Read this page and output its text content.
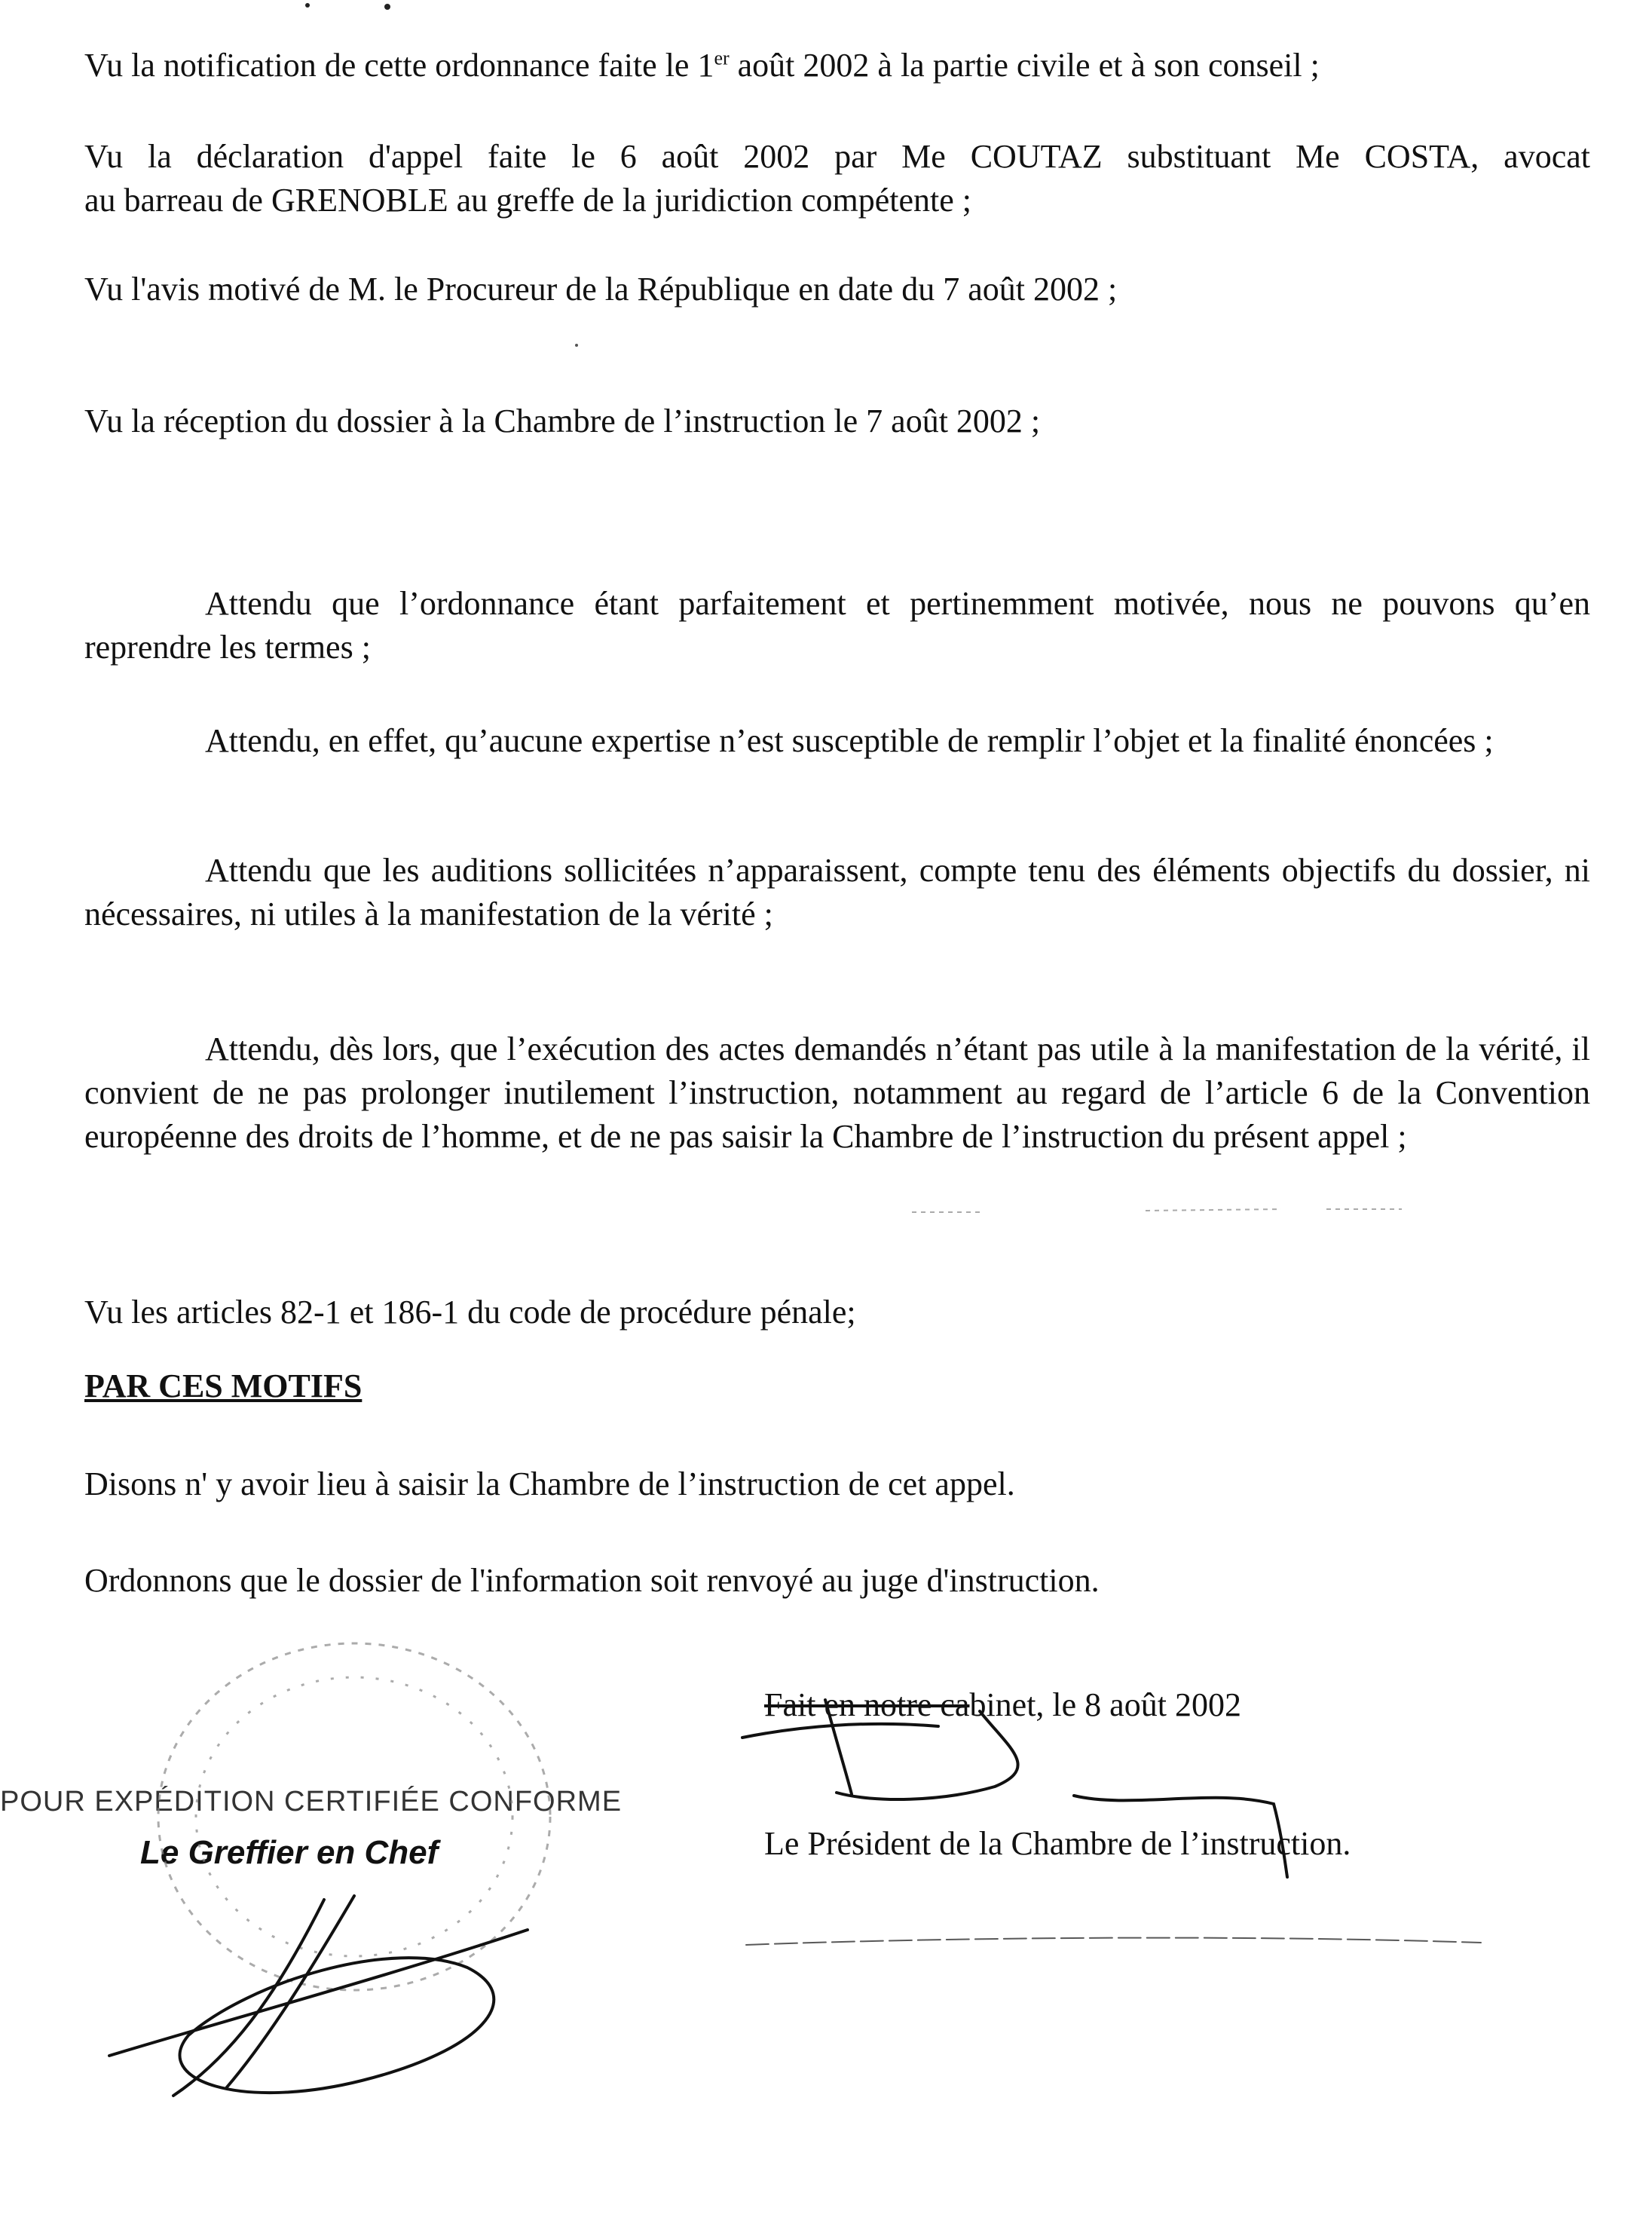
Vu la notification de cette ordonnance faite le 1er août 2002 à la partie civile et à son conseil ;

Vu la déclaration d'appel faite le 6 août 2002 par Me COUTAZ substituant Me COSTA, avocat
au barreau de GRENOBLE au greffe de la juridiction compétente ;

Vu l'avis motivé de M. le Procureur de la République en date du 7 août 2002 ;

Vu la réception du dossier à la Chambre de l’instruction le 7 août 2002 ;

Attendu que l’ordonnance étant parfaitement et pertinemment motivée, nous ne pouvons qu’en reprendre les termes ;

Attendu, en effet, qu’aucune expertise n’est susceptible de remplir l’objet et la finalité énoncées ;

Attendu que les auditions sollicitées n’apparaissent, compte tenu des éléments objectifs du dossier, ni nécessaires, ni utiles à la manifestation de la vérité ;

Attendu, dès lors, que l’exécution des actes demandés n’étant pas utile à la manifestation de la vérité, il convient de ne pas prolonger inutilement l’instruction, notamment au regard de l’article 6 de la Convention européenne des droits de l’homme, et de ne pas saisir la Chambre de l’instruction du présent appel ;

Vu les articles 82-1 et 186-1 du code de procédure pénale;

PAR CES MOTIFS

Disons n' y avoir lieu à saisir la Chambre de l’instruction de cet appel.

Ordonnons que le dossier de l'information soit renvoyé au juge d'instruction.

POUR EXPÉDITION CERTIFIÉE CONFORME
Le Greffier en Chef
Fait en notre cabinet, le 8 août 2002
Le Président de la Chambre de l’instruction.
